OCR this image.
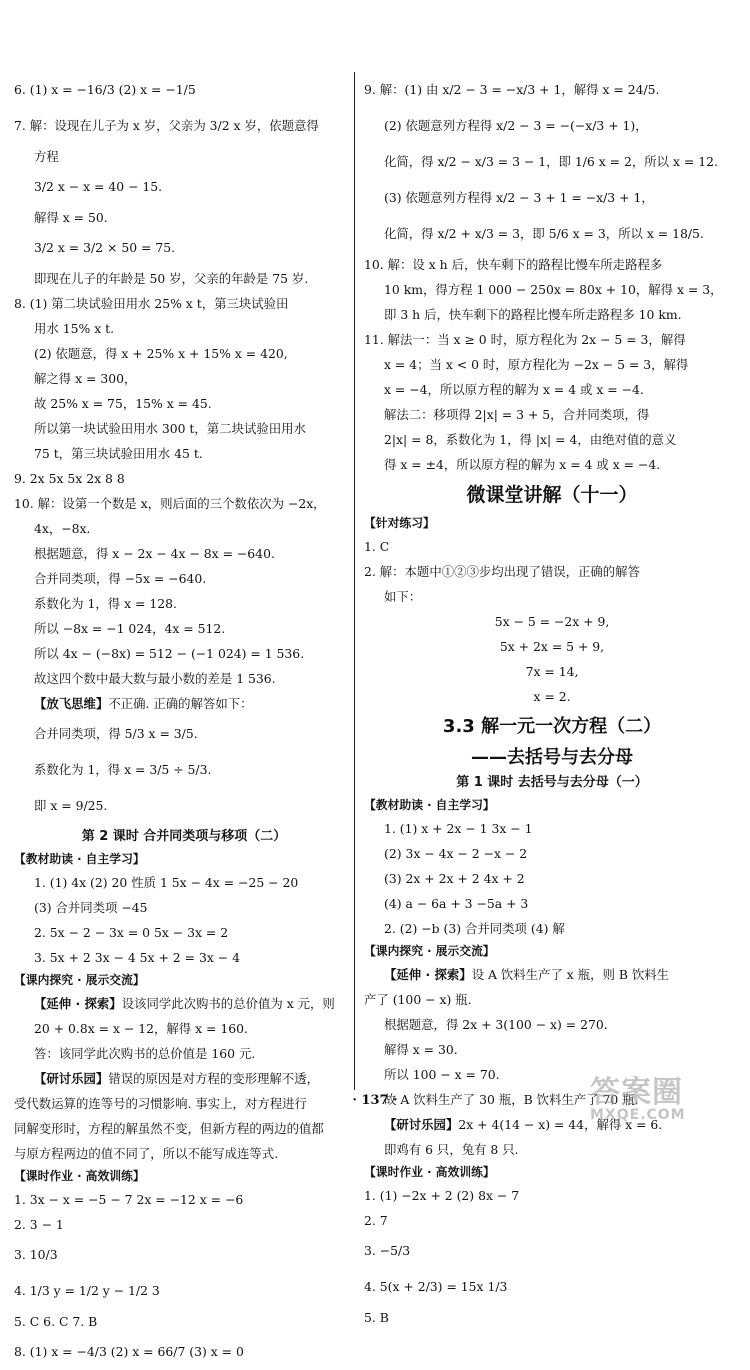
6. (1) x = −16/3 (2) x = −1/5
7. 解：设现在儿子为 x 岁，父亲为 3/2 x 岁，依题意得
方程
3/2 x − x = 40 − 15.
解得 x = 50.
3/2 x = 3/2 × 50 = 75.
即现在儿子的年龄是 50 岁，父亲的年龄是 75 岁.
8. (1) 第二块试验田用水 25% x t，第三块试验田
用水 15% x t.
(2) 依题意，得 x + 25% x + 15% x = 420,
解之得 x = 300，
故 25% x = 75，15% x = 45.
所以第一块试验田用水 300 t，第二块试验田用水
75 t，第三块试验田用水 45 t.
9. 2x 5x 5x 2x 8 8
10. 解：设第一个数是 x，则后面的三个数依次为 −2x，
4x，−8x.
根据题意，得 x − 2x − 4x − 8x = −640.
合并同类项，得 −5x = −640.
系数化为 1，得 x = 128.
所以 −8x = −1 024，4x = 512.
所以 4x − (−8x) = 512 − (−1 024) = 1 536.
故这四个数中最大数与最小数的差是 1 536.
【放飞思维】不正确. 正确的解答如下：
合并同类项，得 5/3 x = 3/5.
系数化为 1，得 x = 3/5 ÷ 5/3.
即 x = 9/25.
第 2 课时 合并同类项与移项（二）
【教材助读 · 自主学习】
1. (1) 4x (2) 20 性质 1 5x − 4x = −25 − 20
(3) 合并同类项 −45
2. 5x − 2 − 3x = 0 5x − 3x = 2
3. 5x + 2 3x − 4 5x + 2 = 3x − 4
【课内探究 · 展示交流】
【延伸 · 探索】设该同学此次购书的总价值为 x 元，则
20 + 0.8x = x − 12，解得 x = 160.
答：该同学此次购书的总价值是 160 元.
【研讨乐园】错误的原因是对方程的变形理解不透，
受代数运算的连等号的习惯影响. 事实上，对方程进行
同解变形时，方程的解虽然不变，但新方程的两边的值都
与原方程两边的值不同了，所以不能写成连等式.
【课时作业 · 高效训练】
1. 3x − x = −5 − 7 2x = −12 x = −6
2. 3 − 1
3. 10/3
4. 1/3 y = 1/2 y − 1/2 3
5. C 6. C 7. B
8. (1) x = −4/3 (2) x = 66/7 (3) x = 0
9. 解：(1) 由 x/2 − 3 = −x/3 + 1，解得 x = 24/5.
(2) 依题意列方程得 x/2 − 3 = −(−x/3 + 1)，
化简，得 x/2 − x/3 = 3 − 1，即 1/6 x = 2，所以 x = 12.
(3) 依题意列方程得 x/2 − 3 + 1 = −x/3 + 1，
化简，得 x/2 + x/3 = 3，即 5/6 x = 3，所以 x = 18/5.
10. 解：设 x h 后，快车剩下的路程比慢车所走路程多
10 km，得方程 1 000 − 250x = 80x + 10，解得 x = 3，
即 3 h 后，快车剩下的路程比慢车所走路程多 10 km.
11. 解法一：当 x ≥ 0 时，原方程化为 2x − 5 = 3，解得
x = 4；当 x < 0 时，原方程化为 −2x − 5 = 3，解得
x = −4，所以原方程的解为 x = 4 或 x = −4.
解法二：移项得 2|x| = 3 + 5，合并同类项，得
2|x| = 8，系数化为 1，得 |x| = 4，由绝对值的意义
得 x = ±4，所以原方程的解为 x = 4 或 x = −4.
微课堂讲解（十一）
【针对练习】
1. C
2. 解：本题中①②③步均出现了错误，正确的解答
如下：
5x − 5 = −2x + 9,
5x + 2x = 5 + 9,
7x = 14,
x = 2.
3.3 解一元一次方程（二）
——去括号与去分母
第 1 课时 去括号与去分母（一）
【教材助读 · 自主学习】
1. (1) x + 2x − 1 3x − 1
(2) 3x − 4x − 2 −x − 2
(3) 2x + 2x + 2 4x + 2
(4) a − 6a + 3 −5a + 3
2. (2) −b (3) 合并同类项 (4) 解
【课内探究 · 展示交流】
【延伸 · 探索】设 A 饮料生产了 x 瓶，则 B 饮料生
产了 (100 − x) 瓶.
根据题意，得 2x + 3(100 − x) = 270.
解得 x = 30.
所以 100 − x = 70.
故 A 饮料生产了 30 瓶，B 饮料生产了 70 瓶.
【研讨乐园】2x + 4(14 − x) = 44，解得 x = 6.
即鸡有 6 只，兔有 8 只.
【课时作业 · 高效训练】
1. (1) −2x + 2 (2) 8x − 7
2. 7
3. −5/3
4. 5(x + 2/3) = 15x 1/3
5. B
· 137 ·	答案圈
MXQE.COM
